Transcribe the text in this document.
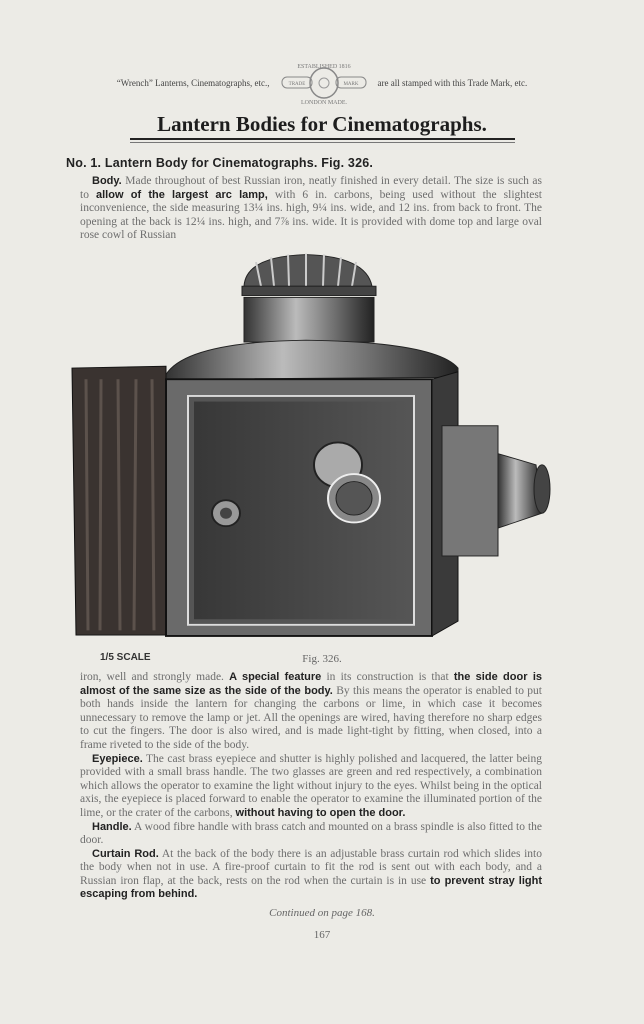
“Wrench” Lanterns, Cinematographs, etc.,	TRADE	MARK
ESTABLISHED 1816
LONDON MADE.
are all stamped with this Trade Mark, etc.
Lantern Bodies for Cinematographs.
No. 1. Lantern Body for Cinematographs. Fig. 326.
Body. Made throughout of best Russian iron, neatly finished in every detail. The size is such as to allow of the largest arc lamp, with 6 in. carbons, being used without the slightest inconvenience, the side measuring 13¼ ins. high, 9¼ ins. wide, and 12 ins. from back to front. The opening at the back is 12¼ ins. high, and 7⅞ ins. wide. It is provided with dome top and large oval rose cowl of Russian
1/5 SCALE	Fig. 326.
iron, well and strongly made. A special feature in its construction is that the side door is almost of the same size as the side of the body. By this means the operator is enabled to put both hands inside the lantern for changing the carbons or lime, in which case it becomes unnecessary to remove the lamp or jet. All the openings are wired, having therefore no sharp edges to cut the fingers. The door is also wired, and is made light-tight by fitting, when closed, into a frame riveted to the side of the body.
Eyepiece. The cast brass eyepiece and shutter is highly polished and lacquered, the latter being provided with a small brass handle. The two glasses are green and red respectively, a combination which allows the operator to examine the light without injury to the eyes. Whilst being in the optical axis, the eyepiece is placed forward to enable the operator to examine the illuminated portion of the lime, or the crater of the carbons, without having to open the door.
Handle. A wood fibre handle with brass catch and mounted on a brass spindle is also fitted to the door.
Curtain Rod. At the back of the body there is an adjustable brass curtain rod which slides into the body when not in use. A fire-proof curtain to fit the rod is sent out with each body, and a Russian iron flap, at the back, rests on the rod when the curtain is in use to prevent stray light escaping from behind.
Continued on page 168.
167
